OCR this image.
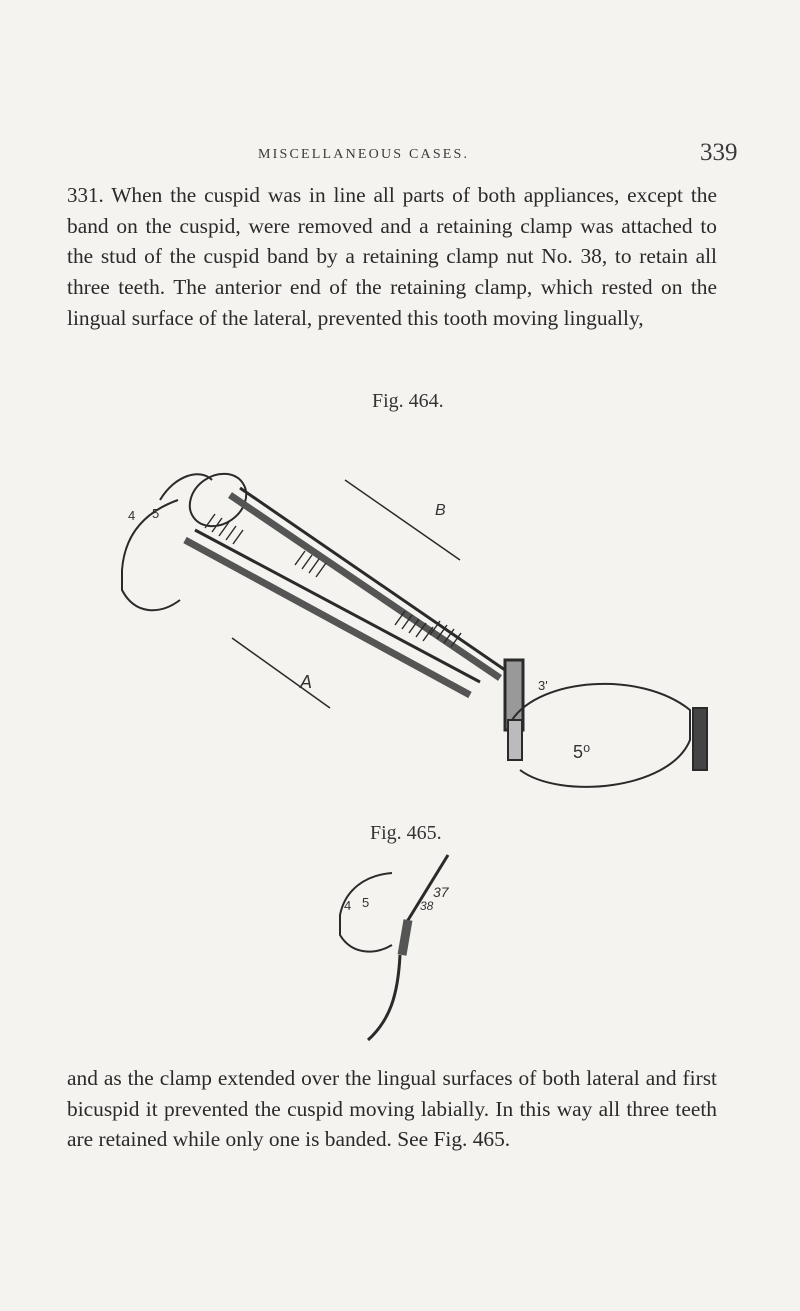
MISCELLANEOUS CASES.	339

331. When the cuspid was in line all parts of both appliances, except the band on the cuspid, were removed and a retaining clamp was attached to the stud of the cuspid band by a retaining clamp nut No. 38, to retain all three teeth. The anterior end of the retaining clamp, which rested on the lingual surface of the lateral, prevented this tooth moving lingually,

Fig. 464.
B
A	3'
5⁰
4 5
Fig. 465.
4 5
37
38

and as the clamp extended over the lingual surfaces of both lateral and first bicuspid it prevented the cuspid moving labially. In this way all three teeth are retained while only one is banded. See Fig. 465.
